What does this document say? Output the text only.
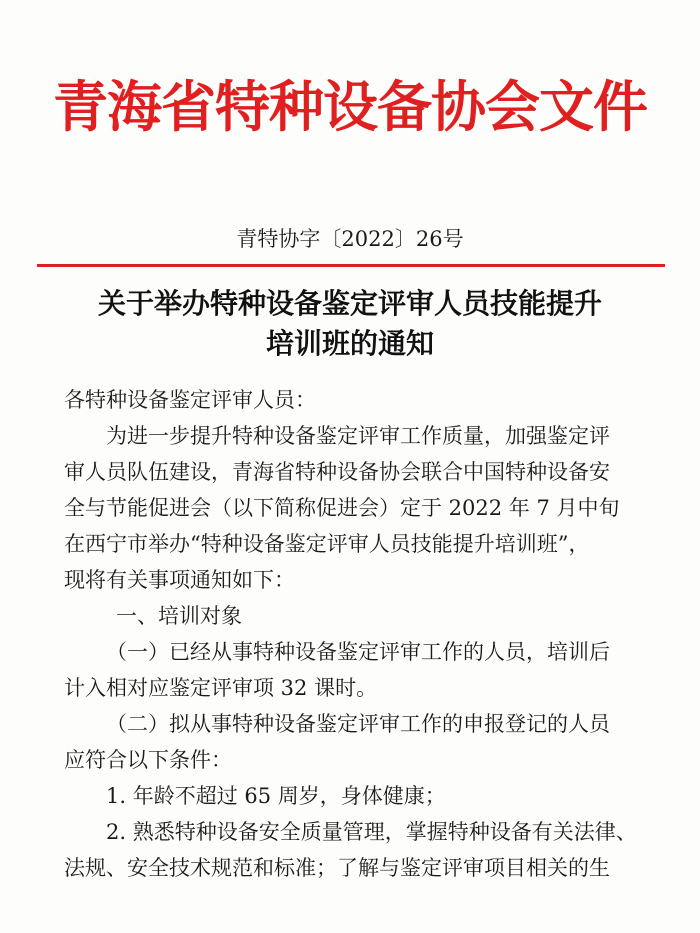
青海省特种设备协会文件
青特协字〔2022〕26号
关于举办特种设备鉴定评审人员技能提升
培训班的通知

各特种设备鉴定评审人员：

为进一步提升特种设备鉴定评审工作质量，加强鉴定评

审人员队伍建设，青海省特种设备协会联合中国特种设备安

全与节能促进会（以下简称促进会）定于 2022 年 7 月中旬

在西宁市举办“特种设备鉴定评审人员技能提升培训班”，

现将有关事项通知如下：

一、培训对象

（一）已经从事特种设备鉴定评审工作的人员，培训后

计入相对应鉴定评审项 32 课时。

（二）拟从事特种设备鉴定评审工作的申报登记的人员

应符合以下条件：

1. 年龄不超过 65 周岁，身体健康；

2. 熟悉特种设备安全质量管理，掌握特种设备有关法律、

法规、安全技术规范和标准；了解与鉴定评审项目相关的生
